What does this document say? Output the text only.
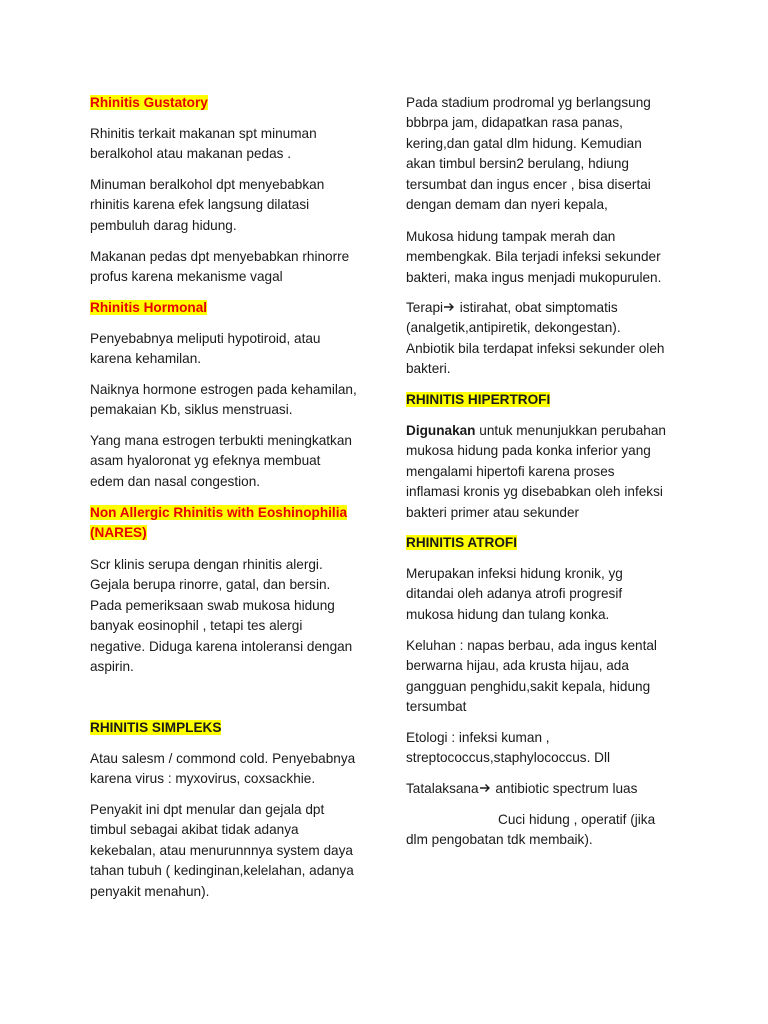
Rhinitis Gustatory
Rhinitis terkait makanan spt minuman
beralkohol atau makanan pedas .
Minuman beralkohol dpt menyebabkan
rhinitis karena efek langsung dilatasi
pembuluh darag hidung.
Makanan pedas dpt menyebabkan rhinorre
profus karena mekanisme vagal
Rhinitis Hormonal
Penyebabnya meliputi hypotiroid, atau
karena kehamilan.
Naiknya hormone estrogen pada kehamilan,
pemakaian Kb, siklus menstruasi.
Yang mana estrogen terbukti meningkatkan
asam hyaloronat yg efeknya membuat
edem dan nasal congestion.
Non Allergic Rhinitis with Eoshinophilia
(NARES)
Scr klinis serupa dengan rhinitis alergi.
Gejala berupa rinorre, gatal, dan bersin.
Pada pemeriksaan swab mukosa hidung
banyak eosinophil , tetapi tes alergi
negative. Diduga karena intoleransi dengan
aspirin.
RHINITIS SIMPLEKS
Atau salesm / commond cold. Penyebabnya
karena virus : myxovirus, coxsackhie.
Penyakit ini dpt menular dan gejala dpt
timbul sebagai akibat tidak adanya
kekebalan, atau menurunnnya system daya
tahan tubuh ( kedinginan,kelelahan, adanya
penyakit menahun).
Pada stadium prodromal yg berlangsung
bbbrpa jam, didapatkan rasa panas,
kering,dan gatal dlm hidung. Kemudian
akan timbul bersin2 berulang, hdiung
tersumbat dan ingus encer , bisa disertai
dengan demam dan nyeri kepala,
Mukosa hidung tampak merah dan
membengkak. Bila terjadi infeksi sekunder
bakteri, maka ingus menjadi mukopurulen.
Terapi
istirahat, obat simptomatis
(analgetik,antipiretik, dekongestan).
Anbiotik bila terdapat infeksi sekunder oleh
bakteri.
RHINITIS HIPERTROFI
Digunakan untuk menunjukkan perubahan
mukosa hidung pada konka inferior yang
mengalami hipertofi karena proses
inflamasi kronis yg disebabkan oleh infeksi
bakteri primer atau sekunder
RHINITIS ATROFI
Merupakan infeksi hidung kronik, yg
ditandai oleh adanya atrofi progresif
mukosa hidung dan tulang konka.
Keluhan : napas berbau, ada ingus kental
berwarna hijau, ada krusta hijau, ada
gangguan penghidu,sakit kepala, hidung
tersumbat
Etologi : infeksi kuman ,
streptococcus,staphylococcus. Dll
Tatalaksana
antibiotic spectrum luas
Cuci hidung , operatif (jika
dlm pengobatan tdk membaik).
